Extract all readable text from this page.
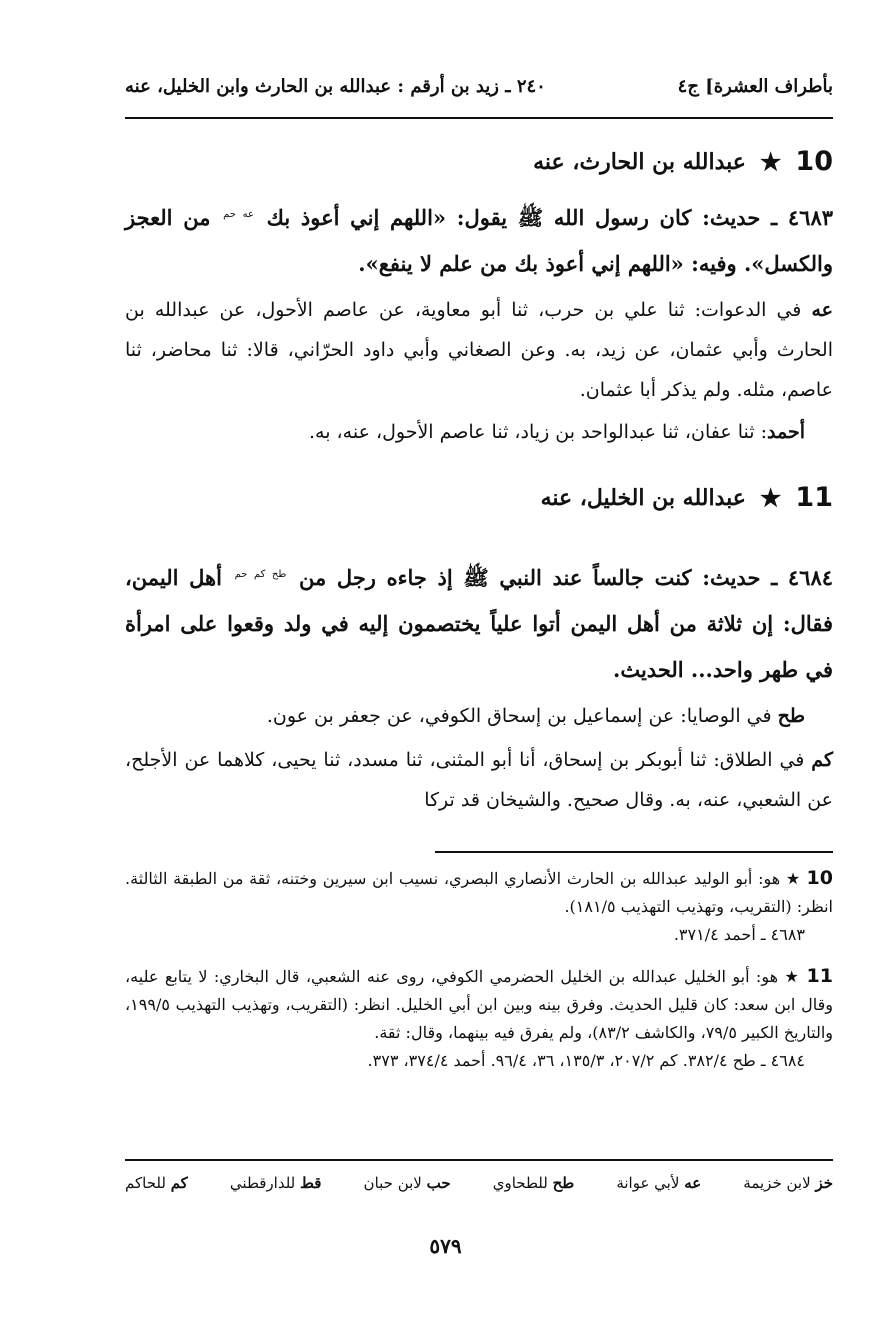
بأطراف العشرة] ج٤
٢٤٠ ـ زيد بن أرقم : عبدالله بن الحارث وابن الخليل، عنه
10
★
عبدالله بن الحارث، عنه
٤٦٨٣ ـ حديث: كان رسول الله ﷺ يقول: «اللهم إني أعوذ بك $^{عه حم}$ من العجز والكسل». وفيه: «اللهم إني أعوذ بك من علم لا ينفع».
عه في الدعوات: ثنا علي بن حرب، ثنا أبو معاوية، عن عاصم الأحول، عن عبدالله بن الحارث وأبي عثمان، عن زيد، به. وعن الصغاني وأبي داود الحرّاني، قالا: ثنا محاضر، ثنا عاصم، مثله. ولم يذكر أبا عثمان.
أحمد: ثنا عفان، ثنا عبدالواحد بن زياد، ثنا عاصم الأحول، عنه، به.
11
★
عبدالله بن الخليل، عنه
٤٦٨٤ ـ حديث: كنت جالساً عند النبي ﷺ إذ جاءه رجل من $^{طح كم حم}$ أهل اليمن، فقال: إن ثلاثة من أهل اليمن أتوا علياً يختصمون إليه في ولد وقعوا على امرأة في طهر واحد... الحديث.
طح في الوصايا: عن إسماعيل بن إسحاق الكوفي، عن جعفر بن عون.
كم في الطلاق: ثنا أبوبكر بن إسحاق، أنا أبو المثنى، ثنا مسدد، ثنا يحيى، كلاهما عن الأجلح، عن الشعبي، عنه، به. وقال صحيح. والشيخان قد تركا
10 ★ هو: أبو الوليد عبدالله بن الحارث الأنصاري البصري، نسيب ابن سيرين وختنه، ثقة من الطبقة الثالثة. انظر: (التقريب، وتهذيب التهذيب ١٨١/٥).
٤٦٨٣ ـ أحمد ٣٧١/٤.
11 ★ هو: أبو الخليل عبدالله بن الخليل الحضرمي الكوفي، روى عنه الشعبي، قال البخاري: لا يتابع عليه، وقال ابن سعد: كان قليل الحديث. وفرق بينه وبين ابن أبي الخليل. انظر: (التقريب، وتهذيب التهذيب ١٩٩/٥، والتاريخ الكبير ٧٩/٥، والكاشف ٨٣/٢)، ولم يفرق فيه بينهما، وقال: ثقة.
٤٦٨٤ ـ طح ٣٨٢/٤. كم ٢٠٧/٢، ١٣٥/٣، ٣٦، ٩٦/٤. أحمد ٣٧٤/٤، ٣٧٣.
خز لابن خزيمة
عه لأبي عوانة
طح للطحاوي
حب لابن حبان
قط للدارقطني
كم للحاكم
٥٧٩
